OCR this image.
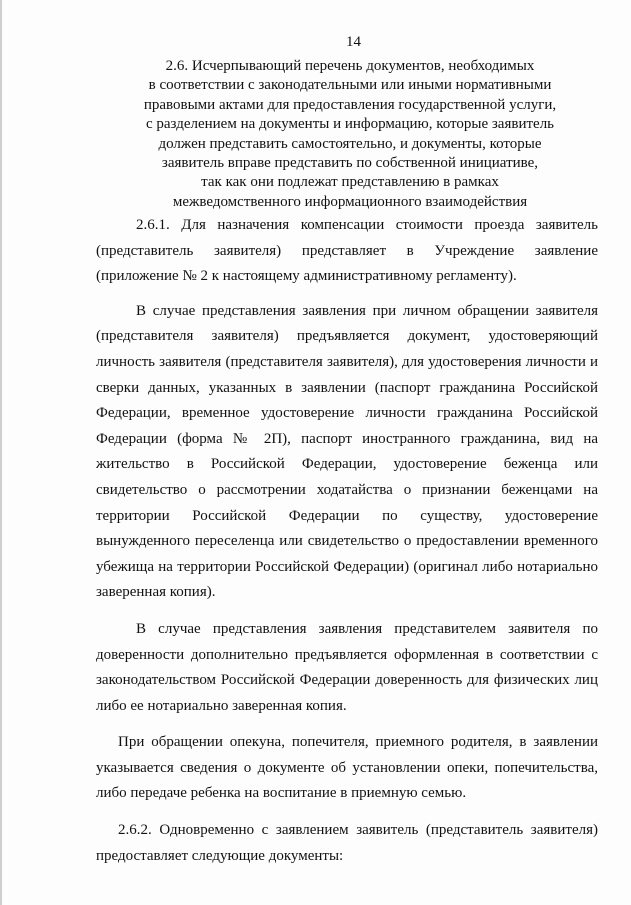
14
2.6. Исчерпывающий перечень документов, необходимых
в соответствии с законодательными или иными нормативными
правовыми актами для предоставления государственной услуги,
с разделением на документы и информацию, которые заявитель
должен представить самостоятельно, и документы, которые
заявитель вправе представить по собственной инициативе,
так как они подлежат представлению в рамках
межведомственного информационного взаимодействия
2.6.1. Для назначения компенсации стоимости проезда заявитель
(представитель заявителя) представляет в Учреждение заявление
(приложение № 2 к настоящему административному регламенту).
В случае представления заявления при личном обращении заявителя
(представителя заявителя) предъявляется документ, удостоверяющий
личность заявителя (представителя заявителя), для удостоверения личности и
сверки данных, указанных в заявлении (паспорт гражданина Российской
Федерации, временное удостоверение личности гражданина Российской
Федерации (форма № 2П), паспорт иностранного гражданина, вид на
жительство в Российской Федерации, удостоверение беженца или
свидетельство о рассмотрении ходатайства о признании беженцами на
территории Российской Федерации по существу, удостоверение
вынужденного переселенца или свидетельство о предоставлении временного
убежища на территории Российской Федерации) (оригинал либо нотариально
заверенная копия).
В случае представления заявления представителем заявителя по
доверенности дополнительно предъявляется оформленная в соответствии с
законодательством Российской Федерации доверенность для физических лиц
либо ее нотариально заверенная копия.
При обращении опекуна, попечителя, приемного родителя, в заявлении
указывается сведения о документе об установлении опеки, попечительства,
либо передаче ребенка на воспитание в приемную семью.
2.6.2. Одновременно с заявлением заявитель (представитель заявителя)
предоставляет следующие документы:
